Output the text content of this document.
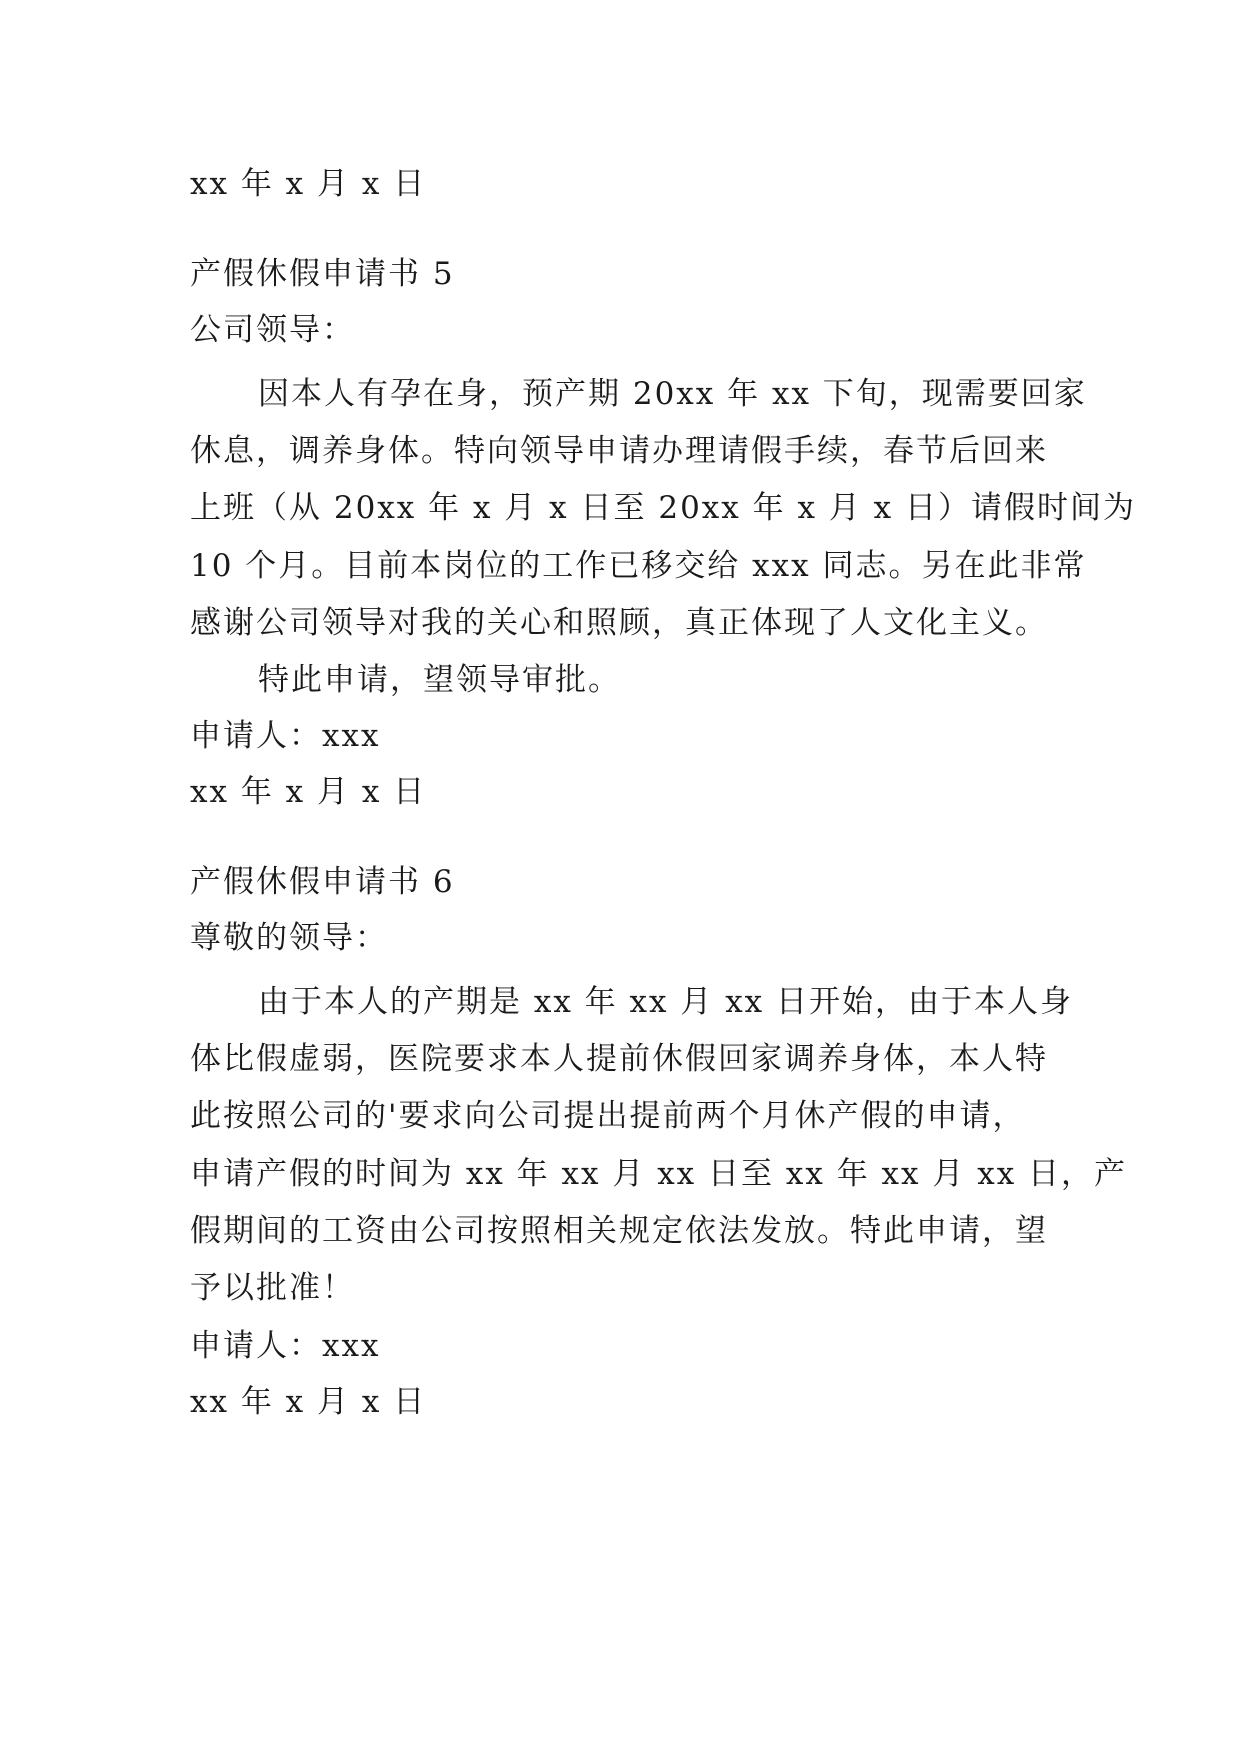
xx 年 x 月 x 日
产假休假申请书 5
公司领导：
因本人有孕在身，预产期 20xx 年 xx 下旬，现需要回家
休息，调养身体。特向领导申请办理请假手续，春节后回来
上班（从 20xx 年 x 月 x 日至 20xx 年 x 月 x 日）请假时间为
10 个月。目前本岗位的工作已移交给 xxx 同志。另在此非常
感谢公司领导对我的关心和照顾，真正体现了人文化主义。
特此申请，望领导审批。
申请人：xxx
xx 年 x 月 x 日
产假休假申请书 6
尊敬的领导：
由于本人的产期是 xx 年 xx 月 xx 日开始，由于本人身
体比假虚弱，医院要求本人提前休假回家调养身体，本人特
此按照公司的'要求向公司提出提前两个月休产假的申请，
申请产假的时间为 xx 年 xx 月 xx 日至 xx 年 xx 月 xx 日，产
假期间的工资由公司按照相关规定依法发放。特此申请，望
予以批准！
申请人：xxx
xx 年 x 月 x 日
